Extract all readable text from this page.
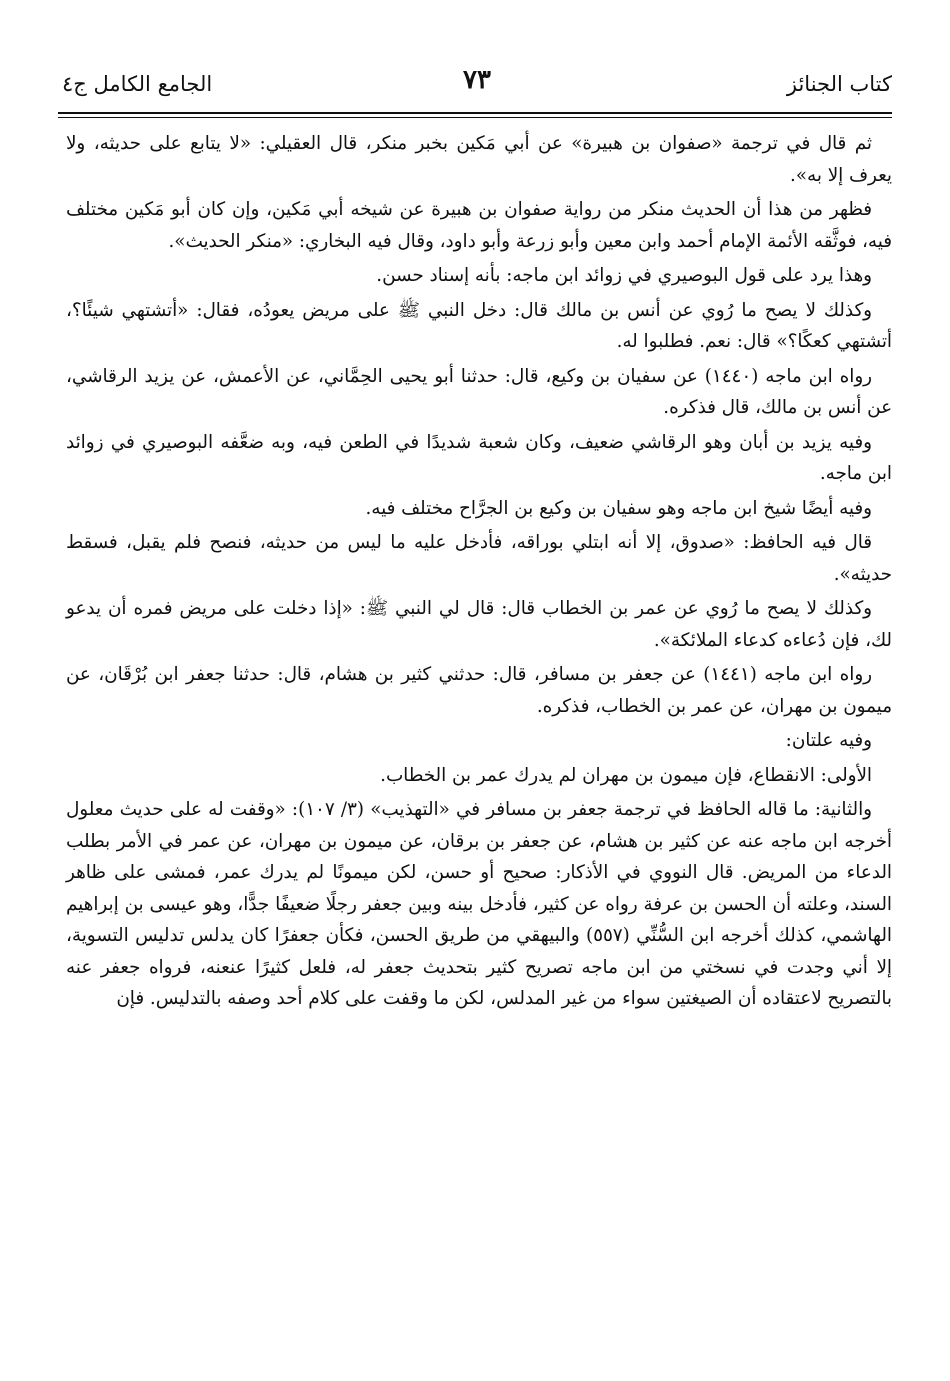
كتاب الجنائز
٧٣
الجامع الكامل ج٤

ثم قال في ترجمة «صفوان بن هبيرة» عن أبي مَكين بخبر منكر، قال العقيلي: «لا يتابع على حديثه، ولا يعرف إلا به».

فظهر من هذا أن الحديث منكر من رواية صفوان بن هبيرة عن شيخه أبي مَكين، وإن كان أبو مَكين مختلف فيه، فوثَّقه الأئمة الإمام أحمد وابن معين وأبو زرعة وأبو داود، وقال فيه البخاري: «منكر الحديث».

وهذا يرد على قول البوصيري في زوائد ابن ماجه: بأنه إسناد حسن.

وكذلك لا يصح ما رُوي عن أنس بن مالك قال: دخل النبي ﷺ على مريض يعودُه، فقال: «أتشتهي شيئًا؟، أتشتهي كعكًا؟» قال: نعم. فطلبوا له.

رواه ابن ماجه (١٤٤٠) عن سفيان بن وكيع، قال: حدثنا أبو يحيى الحِمَّاني، عن الأعمش، عن يزيد الرقاشي، عن أنس بن مالك، قال فذكره.

وفيه يزيد بن أبان وهو الرقاشي ضعيف، وكان شعبة شديدًا في الطعن فيه، وبه ضعَّفه البوصيري في زوائد ابن ماجه.

وفيه أيضًا شيخ ابن ماجه وهو سفيان بن وكيع بن الجرَّاح مختلف فيه.

قال فيه الحافظ: «صدوق، إلا أنه ابتلي بوراقه، فأدخل عليه ما ليس من حديثه، فنصح فلم يقبل، فسقط حديثه».

وكذلك لا يصح ما رُوي عن عمر بن الخطاب قال: قال لي النبي ﷺ: «إذا دخلت على مريض فمره أن يدعو لك، فإن دُعاءه كدعاء الملائكة».

رواه ابن ماجه (١٤٤١) عن جعفر بن مسافر، قال: حدثني كثير بن هشام، قال: حدثنا جعفر ابن بُرْقَان، عن ميمون بن مهران، عن عمر بن الخطاب، فذكره.

وفيه علتان:

الأولى: الانقطاع، فإن ميمون بن مهران لم يدرك عمر بن الخطاب.

والثانية: ما قاله الحافظ في ترجمة جعفر بن مسافر في «التهذيب» (٣/ ١٠٧): «وقفت له على حديث معلول أخرجه ابن ماجه عنه عن كثير بن هشام، عن جعفر بن برقان، عن ميمون بن مهران، عن عمر في الأمر بطلب الدعاء من المريض. قال النووي في الأذكار: صحيح أو حسن، لكن ميمونًا لم يدرك عمر، فمشى على ظاهر السند، وعلته أن الحسن بن عرفة رواه عن كثير، فأدخل بينه وبين جعفر رجلًا ضعيفًا جدًّا، وهو عيسى بن إبراهيم الهاشمي، كذلك أخرجه ابن السُّنِّي (٥٥٧) والبيهقي من طريق الحسن، فكأن جعفرًا كان يدلس تدليس التسوية، إلا أني وجدت في نسختي من ابن ماجه تصريح كثير بتحديث جعفر له، فلعل كثيرًا عنعنه، فرواه جعفر عنه بالتصريح لاعتقاده أن الصيغتين سواء من غير المدلس، لكن ما وقفت على كلام أحد وصفه بالتدليس. فإن
